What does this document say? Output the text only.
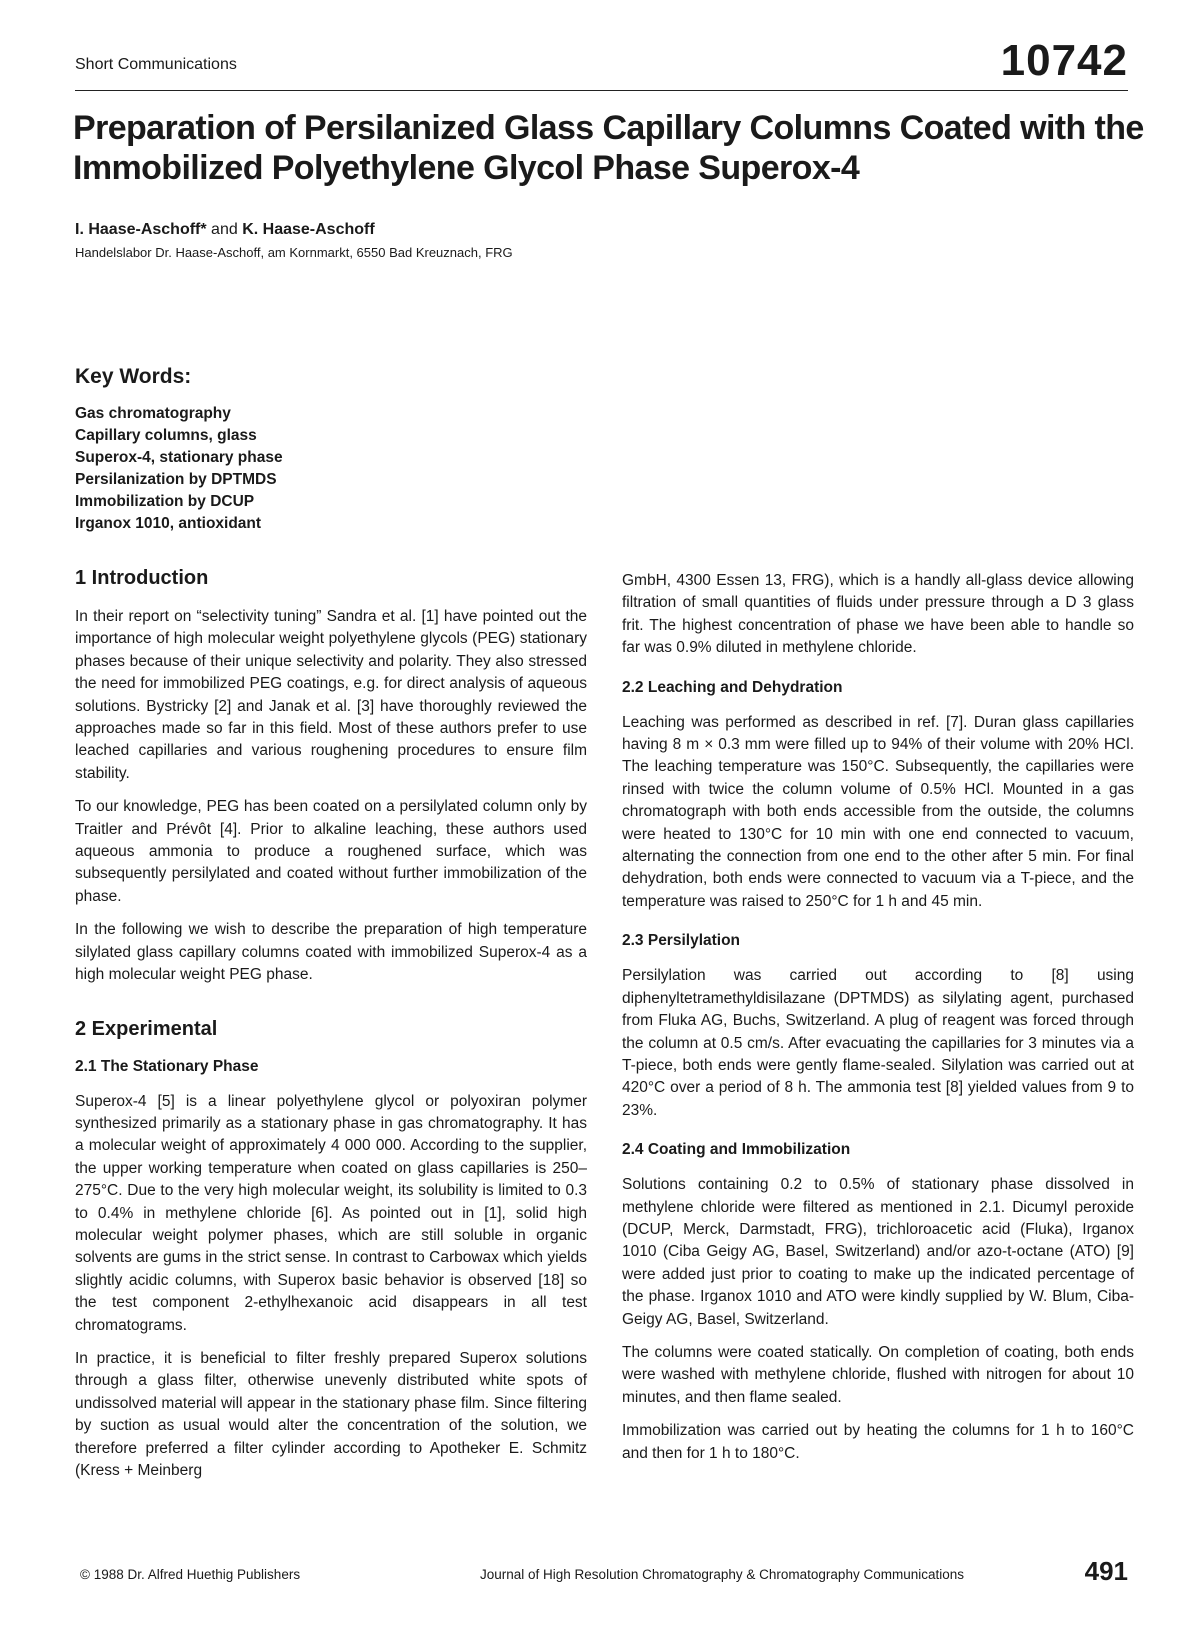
Short Communications	10742
Preparation of Persilanized Glass Capillary Columns Coated with the Immobilized Polyethylene Glycol Phase Superox-4
I. Haase-Aschoff* and K. Haase-Aschoff
Handelslabor Dr. Haase-Aschoff, am Kornmarkt, 6550 Bad Kreuznach, FRG
Key Words:
Gas chromatography
Capillary columns, glass
Superox-4, stationary phase
Persilanization by DPTMDS
Immobilization by DCUP
Irganox 1010, antioxidant
1 Introduction

In their report on “selectivity tuning” Sandra et al. [1] have pointed out the importance of high molecular weight polyethylene glycols (PEG) stationary phases because of their unique selectivity and polarity. They also stressed the need for immobilized PEG coatings, e.g. for direct analysis of aqueous solutions. Bystricky [2] and Janak et al. [3] have thoroughly reviewed the approaches made so far in this field. Most of these authors prefer to use leached capillaries and various roughening procedures to ensure film stability.

To our knowledge, PEG has been coated on a persilylated column only by Traitler and Prévôt [4]. Prior to alkaline leaching, these authors used aqueous ammonia to produce a roughened surface, which was subsequently persilylated and coated without further immobilization of the phase.

In the following we wish to describe the preparation of high temperature silylated glass capillary columns coated with immobilized Superox-4 as a high molecular weight PEG phase.

2 Experimental
2.1 The Stationary Phase

Superox-4 [5] is a linear polyethylene glycol or polyoxiran polymer synthesized primarily as a stationary phase in gas chromatography. It has a molecular weight of approximately 4 000 000. According to the supplier, the upper working temperature when coated on glass capillaries is 250–275°C. Due to the very high molecular weight, its solubility is limited to 0.3 to 0.4% in methylene chloride [6]. As pointed out in [1], solid high molecular weight polymer phases, which are still soluble in organic solvents are gums in the strict sense. In contrast to Carbowax which yields slightly acidic columns, with Superox basic behavior is observed [18] so the test component 2-ethylhexanoic acid disappears in all test chromatograms.

In practice, it is beneficial to filter freshly prepared Superox solutions through a glass filter, otherwise unevenly distributed white spots of undissolved material will appear in the stationary phase film. Since filtering by suction as usual would alter the concentration of the solution, we therefore preferred a filter cylinder according to Apotheker E. Schmitz (Kress + Meinberg

GmbH, 4300 Essen 13, FRG), which is a handly all-glass device allowing filtration of small quantities of fluids under pressure through a D 3 glass frit. The highest concentration of phase we have been able to handle so far was 0.9% diluted in methylene chloride.

2.2 Leaching and Dehydration

Leaching was performed as described in ref. [7]. Duran glass capillaries having 8 m × 0.3 mm were filled up to 94% of their volume with 20% HCl. The leaching temperature was 150°C. Subsequently, the capillaries were rinsed with twice the column volume of 0.5% HCl. Mounted in a gas chromatograph with both ends accessible from the outside, the columns were heated to 130°C for 10 min with one end connected to vacuum, alternating the connection from one end to the other after 5 min. For final dehydration, both ends were connected to vacuum via a T-piece, and the temperature was raised to 250°C for 1 h and 45 min.

2.3 Persilylation

Persilylation was carried out according to [8] using diphenyltetramethyldisilazane (DPTMDS) as silylating agent, purchased from Fluka AG, Buchs, Switzerland. A plug of reagent was forced through the column at 0.5 cm/s. After evacuating the capillaries for 3 minutes via a T-piece, both ends were gently flame-sealed. Silylation was carried out at 420°C over a period of 8 h. The ammonia test [8] yielded values from 9 to 23%.

2.4 Coating and Immobilization

Solutions containing 0.2 to 0.5% of stationary phase dissolved in methylene chloride were filtered as mentioned in 2.1. Dicumyl peroxide (DCUP, Merck, Darmstadt, FRG), trichloroacetic acid (Fluka), Irganox 1010 (Ciba Geigy AG, Basel, Switzerland) and/or azo-t-octane (ATO) [9] were added just prior to coating to make up the indicated percentage of the phase. Irganox 1010 and ATO were kindly supplied by W. Blum, Ciba-Geigy AG, Basel, Switzerland.

The columns were coated statically. On completion of coating, both ends were washed with methylene chloride, flushed with nitrogen for about 10 minutes, and then flame sealed.

Immobilization was carried out by heating the columns for 1 h to 160°C and then for 1 h to 180°C.

© 1988 Dr. Alfred Huethig Publishers	Journal of High Resolution Chromatography & Chromatography Communications	491
